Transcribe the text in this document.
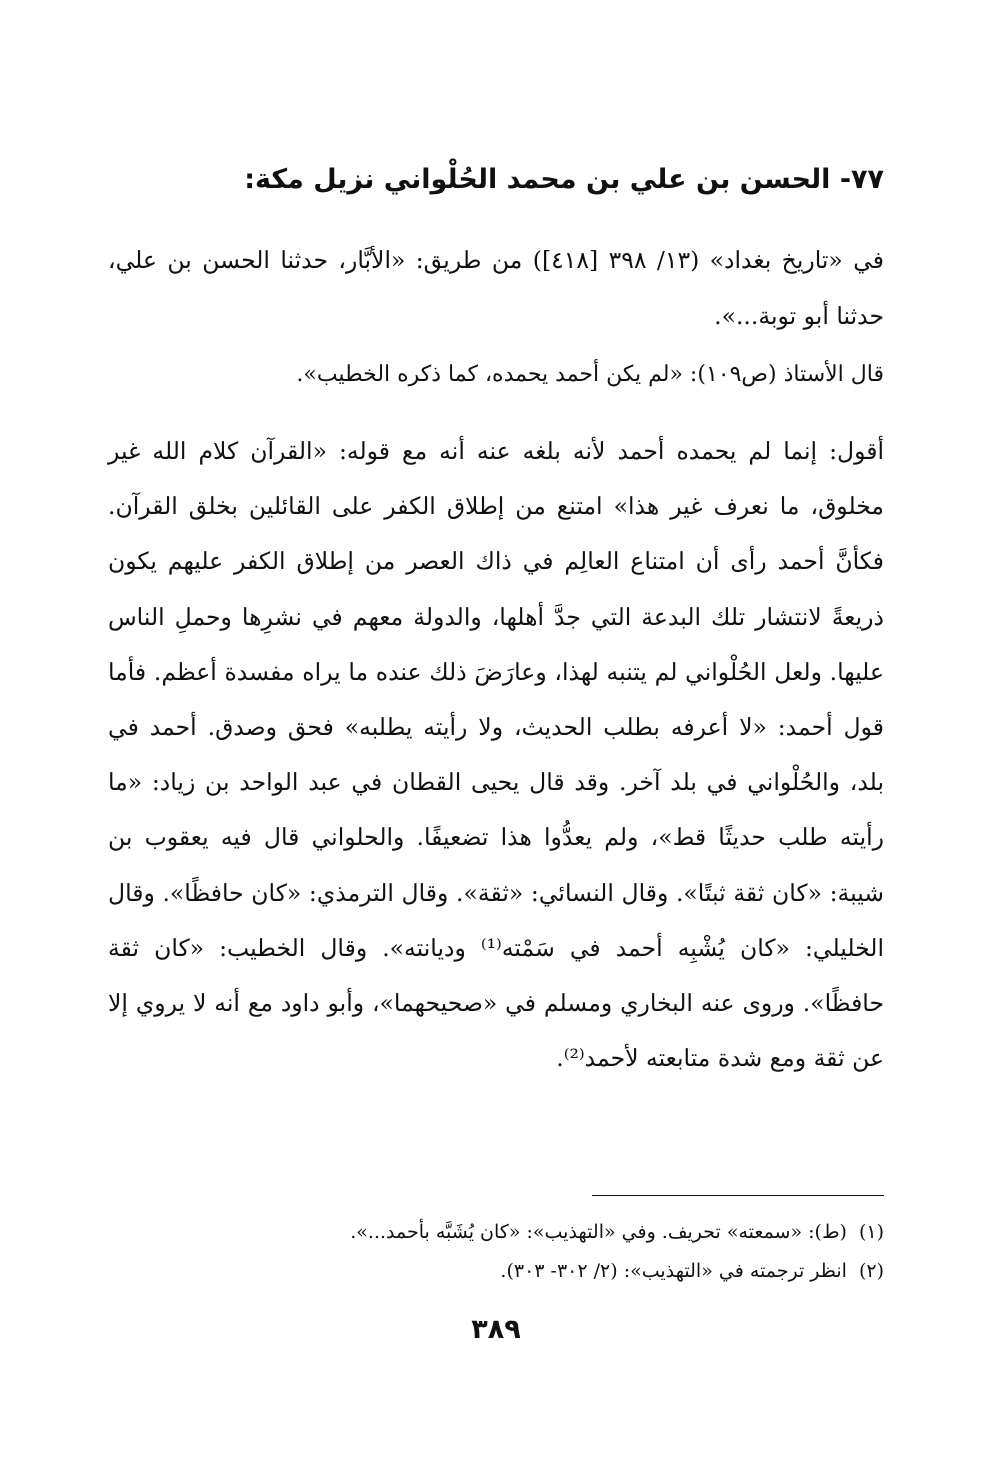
٧٧- الحسن بن علي بن محمد الحُلْواني نزيل مكة:
في «تاريخ بغداد» (١٣/ ٣٩٨ [٤١٨]) من طريق: «الأبَّار، حدثنا الحسن بن علي، حدثنا أبو توبة...».
قال الأستاذ (ص١٠٩): «لم يكن أحمد يحمده، كما ذكره الخطيب».
أقول: إنما لم يحمده أحمد لأنه بلغه عنه أنه مع قوله: «القرآن كلام الله غير مخلوق، ما نعرف غير هذا» امتنع من إطلاق الكفر على القائلين بخلق القرآن. فكأنَّ أحمد رأى أن امتناع العالِم في ذاك العصر من إطلاق الكفر عليهم يكون ذريعةً لانتشار تلك البدعة التي جدَّ أهلها، والدولة معهم في نشرِها وحملِ الناس عليها. ولعل الحُلْواني لم يتنبه لهذا، وعارَضَ ذلك عنده ما يراه مفسدة أعظم. فأما قول أحمد: «لا أعرفه بطلب الحديث، ولا رأيته يطلبه» فحق وصدق. أحمد في بلد، والحُلْواني في بلد آخر. وقد قال يحيى القطان في عبد الواحد بن زياد: «ما رأيته طلب حديثًا قط»، ولم يعدُّوا هذا تضعيفًا. والحلواني قال فيه يعقوب بن شيبة: «كان ثقة ثبتًا». وقال النسائي: «ثقة». وقال الترمذي: «كان حافظًا». وقال الخليلي: «كان يُشْبِه أحمد في سَمْته⁽¹⁾ وديانته». وقال الخطيب: «كان ثقة حافظًا». وروى عنه البخاري ومسلم في «صحيحهما»، وأبو داود مع أنه لا يروي إلا عن ثقة ومع شدة متابعته لأحمد⁽²⁾.
(١)(ط): «سمعته» تحريف. وفي «التهذيب»: «كان يُشَبَّه بأحمد...».
(٢)انظر ترجمته في «التهذيب»: (٢/ ٣٠٢- ٣٠٣).
٣٨٩
